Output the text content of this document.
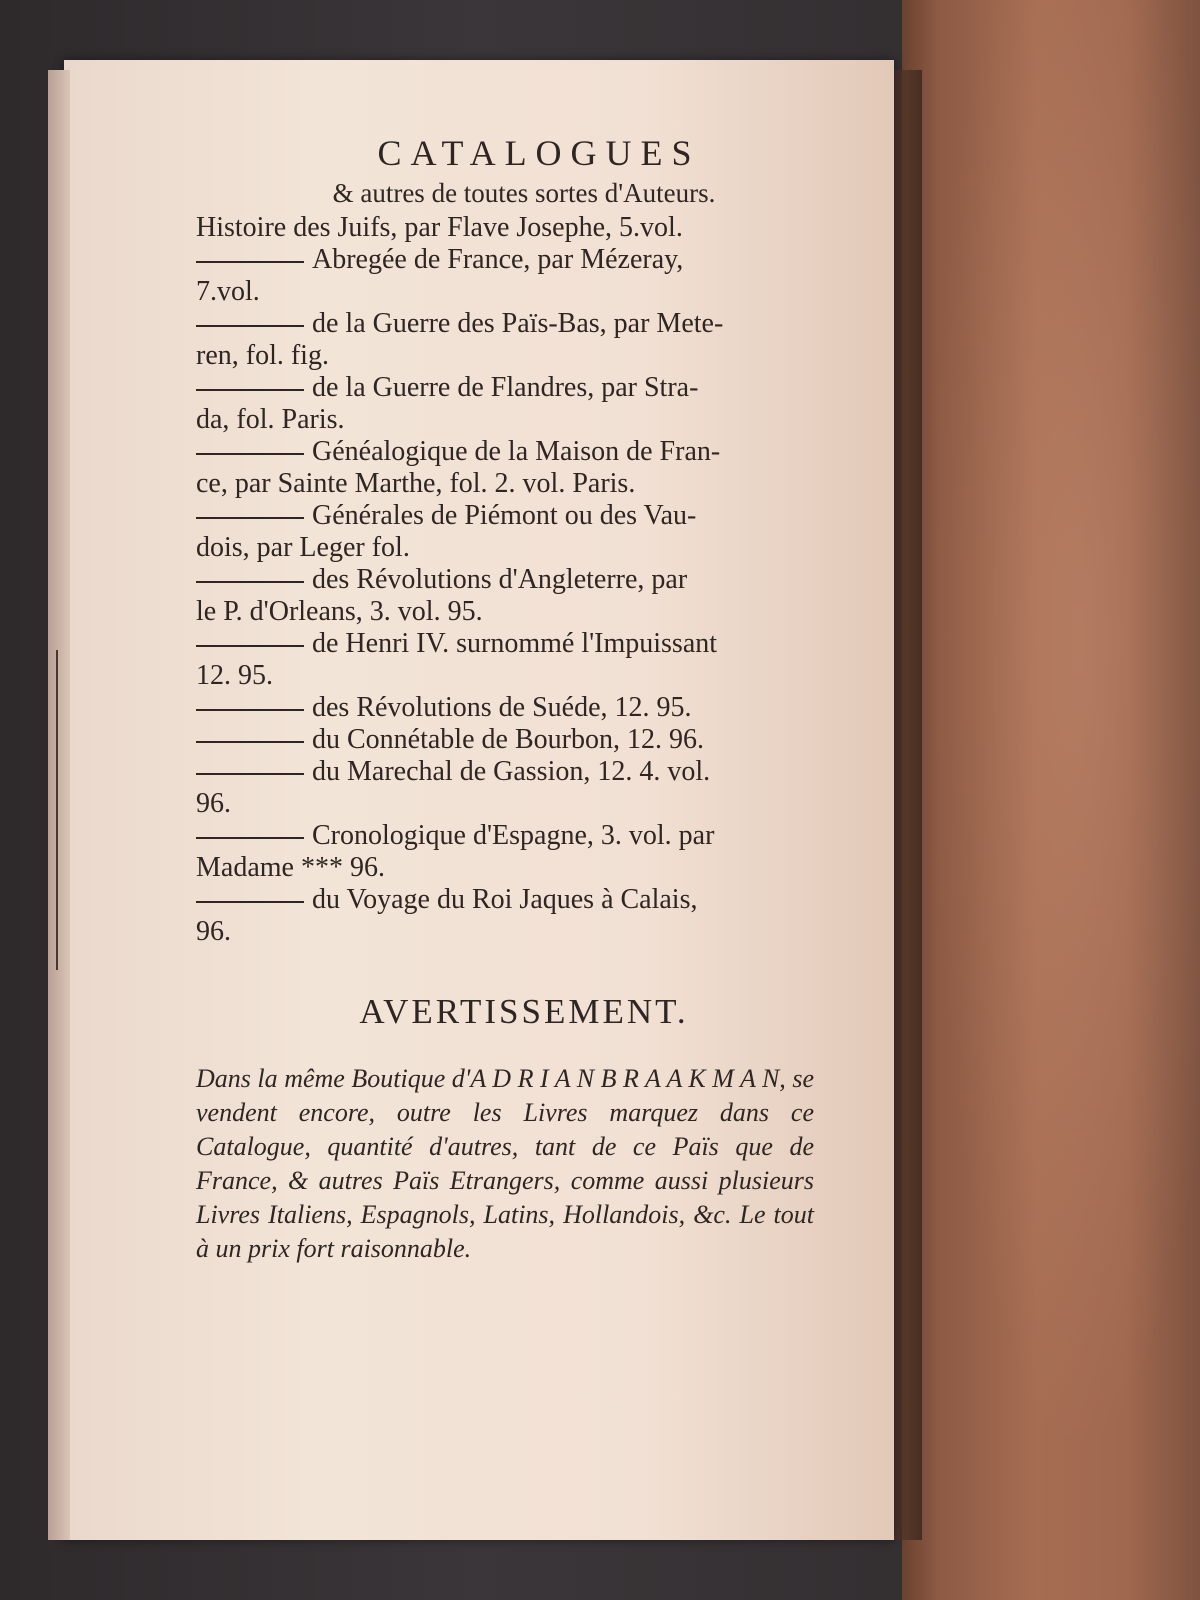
CATALOGUES

& autres de toutes sortes d'Auteurs.

Histoire des Juifs, par Flave Josephe, 5.vol.

Abregée de France, par Mézeray,
7.vol.

de la Guerre des Païs-Bas, par Mete-
ren, fol. fig.

de la Guerre de Flandres, par Stra-
da, fol. Paris.

Généalogique de la Maison de Fran-
ce, par Sainte Marthe, fol. 2. vol. Paris.

Générales de Piémont ou des Vau-
dois, par Leger fol.

des Révolutions d'Angleterre, par
le P. d'Orleans, 3. vol. 95.

de Henri IV. surnommé l'Impuissant
12. 95.

des Révolutions de Suéde, 12. 95.

du Connétable de Bourbon, 12. 96.

du Marechal de Gassion, 12. 4. vol.
96.

Cronologique d'Espagne, 3. vol. par
Madame *** 96.

du Voyage du Roi Jaques à Calais,
96.

AVERTISSEMENT.

Dans la même Boutique d'A D R I A N B R A A K M A N, se vendent encore, outre les Livres marquez dans ce Catalogue, quantité d'autres, tant de ce Païs que de France, & autres Païs Etrangers, comme aussi plusieurs Livres Italiens, Espagnols, Latins, Hollandois, &c. Le tout à un prix fort raisonnable.
